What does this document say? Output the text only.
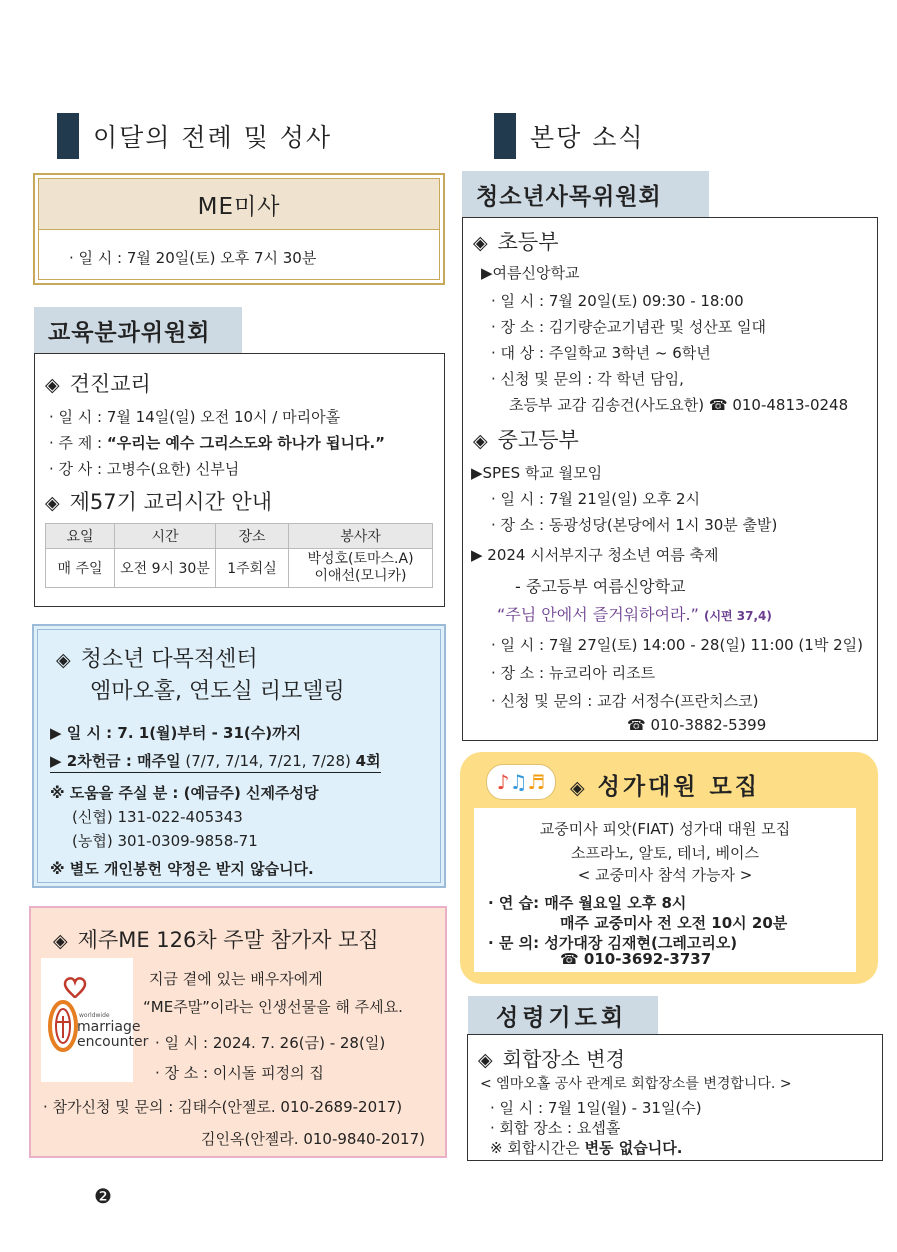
이달의 전례 및 성사	본당 소식
ME미사
· 일 시 : 7월 20일(토) 오후 7시 30분
교육분과위원회
◈ 견진교리
· 일 시 : 7월 14일(일) 오전 10시 / 마리아홀
· 주 제 : “우리는 예수 그리스도와 하나가 됩니다.”
· 강 사 : 고병수(요한) 신부님
◈ 제57기 교리시간 안내
요일	시간	장소	봉사자
매 주일	오전 9시 30분	1주회실	박성호(토마스.A)
이애선(모니카)
◈ 청소년 다목적센터
엠마오홀, 연도실 리모델링
▶ 일 시 : 7. 1(월)부터 - 31(수)까지
▶ 2차헌금 : 매주일 (7/7, 7/14, 7/21, 7/28) 4회
※ 도움을 주실 분 : (예금주) 신제주성당
(신협) 131-022-405343
(농협) 301-0309-9858-71
※ 별도 개인봉헌 약정은 받지 않습니다.
◈ 제주ME 126차 주말 참가자 모집
worldwide
marriage
encounter
지금 곁에 있는 배우자에게
“ME주말”이라는 인생선물을 해 주세요.
· 일 시 : 2024. 7. 26(금) - 28(일)
· 장 소 : 이시돌 피정의 집
· 참가신청 및 문의 : 김태수(안젤로. 010-2689-2017)
김인옥(안젤라. 010-9840-2017)
청소년사목위원회
◈ 초등부
▶여름신앙학교
· 일 시 : 7월 20일(토) 09:30 - 18:00
· 장 소 : 김기량순교기념관 및 성산포 일대
· 대 상 : 주일학교 3학년 ~ 6학년
· 신청 및 문의 : 각 학년 담임,
초등부 교감 김송건(사도요한) ☎ 010-4813-0248
◈ 중고등부
▶SPES 학교 월모임
· 일 시 : 7월 21일(일) 오후 2시
· 장 소 : 동광성당(본당에서 1시 30분 출발)
▶ 2024 시서부지구 청소년 여름 축제
- 중고등부 여름신앙학교
“주님 안에서 즐거워하여라.” (시편 37,4)
· 일 시 : 7월 27일(토) 14:00 - 28(일) 11:00 (1박 2일)
· 장 소 : 뉴코리아 리조트
· 신청 및 문의 : 교감 서정수(프란치스코)
☎ 010-3882-5399
♪ ♫ ♬ ◈ 성가대원 모집
교중미사 피앗(FIAT) 성가대 대원 모집
소프라노, 알토, 테너, 베이스
< 교중미사 참석 가능자 >
· 연 습: 매주 월요일 오후 8시
매주 교중미사 전 오전 10시 20분
· 문 의: 성가대장 김재현(그레고리오)
☎ 010-3692-3737
성령기도회
◈ 회합장소 변경
< 엠마오홀 공사 관계로 회합장소를 변경합니다. >
· 일 시 : 7월 1일(월) - 31일(수)
· 회합 장소 : 요셉홀
※ 회합시간은 변동 없습니다.
❷
